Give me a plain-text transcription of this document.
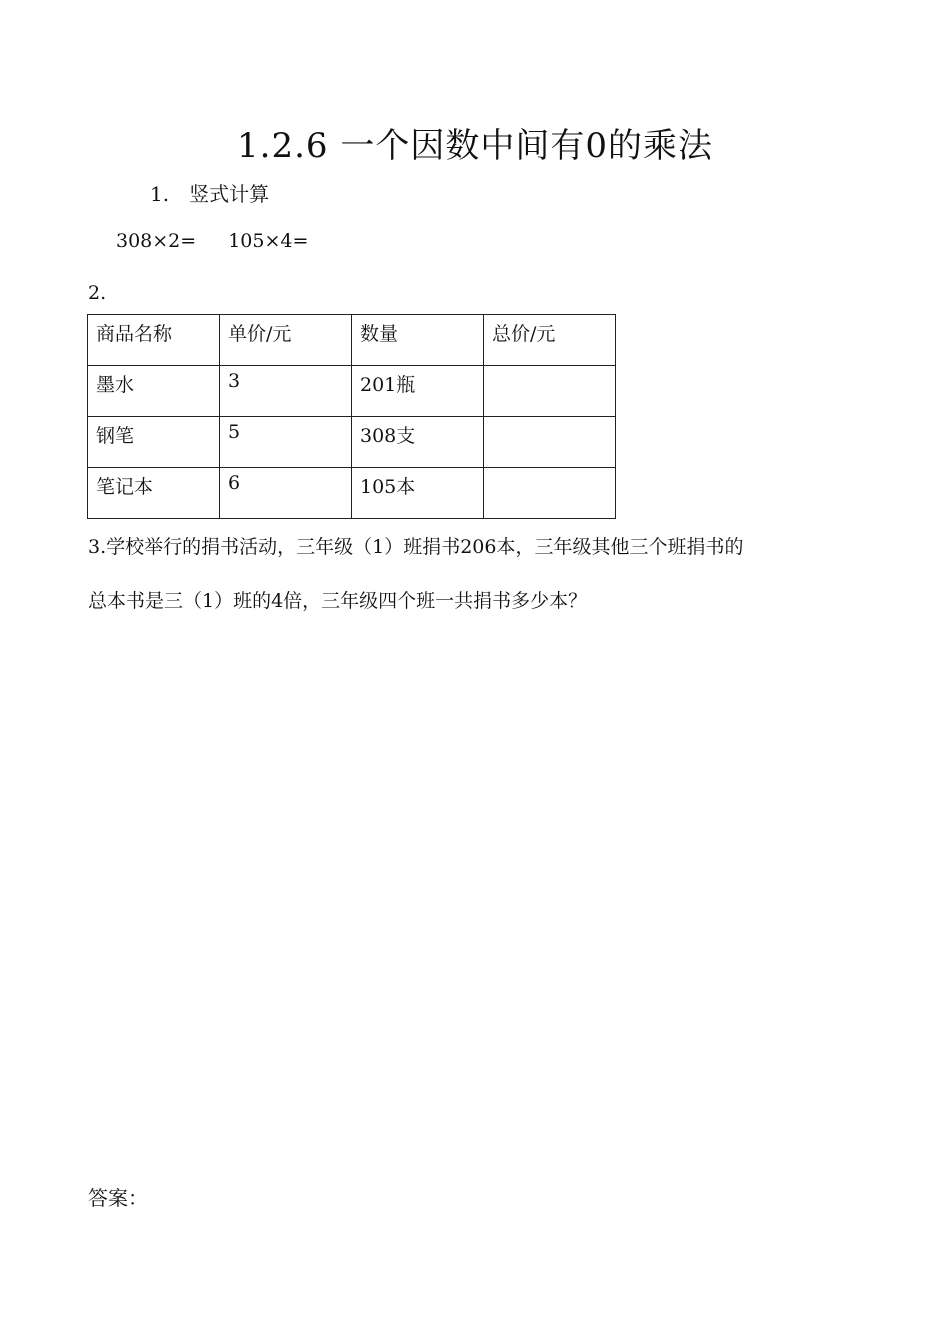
1.2.6 一个因数中间有0的乘法
1. 竖式计算
308×2= 105×4=
2.
商品名称	单价/元	数量	总价/元
墨水	3	201瓶	
钢笔	5	308支	
笔记本	6	105本	

3.学校举行的捐书活动，三年级（1）班捐书206本，三年级其他三个班捐书的

总本书是三（1）班的4倍，三年级四个班一共捐书多少本？

答案：
